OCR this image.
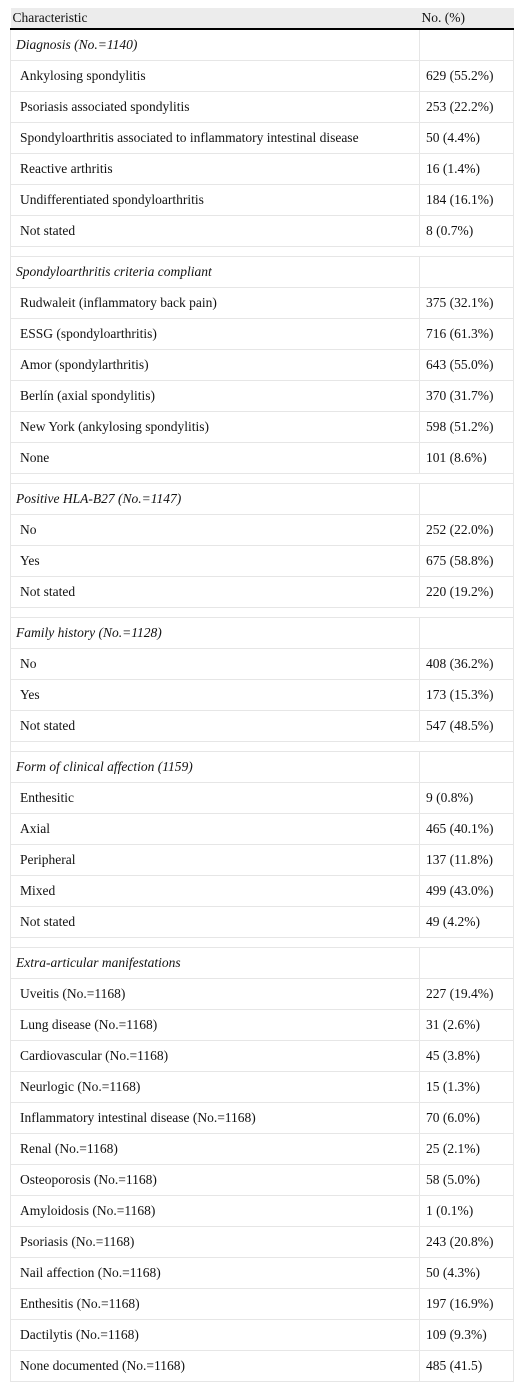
Characteristic	No. (%)
Diagnosis (No.=1140)	
Ankylosing spondylitis	629 (55.2%)
Psoriasis associated spondylitis	253 (22.2%)
Spondyloarthritis associated to inflammatory intestinal disease	50 (4.4%)
Reactive arthritis	16 (1.4%)
Undifferentiated spondyloarthritis	184 (16.1%)
Not stated	8 (0.7%)

Spondyloarthritis criteria compliant	
Rudwaleit (inflammatory back pain)	375 (32.1%)
ESSG (spondyloarthritis)	716 (61.3%)
Amor (spondylarthritis)	643 (55.0%)
Berlín (axial spondylitis)	370 (31.7%)
New York (ankylosing spondylitis)	598 (51.2%)
None	101 (8.6%)

Positive HLA-B27 (No.=1147)	
No	252 (22.0%)
Yes	675 (58.8%)
Not stated	220 (19.2%)

Family history (No.=1128)	
No	408 (36.2%)
Yes	173 (15.3%)
Not stated	547 (48.5%)

Form of clinical affection (1159)	
Enthesitic	9 (0.8%)
Axial	465 (40.1%)
Peripheral	137 (11.8%)
Mixed	499 (43.0%)
Not stated	49 (4.2%)

Extra-articular manifestations	
Uveitis (No.=1168)	227 (19.4%)
Lung disease (No.=1168)	31 (2.6%)
Cardiovascular (No.=1168)	45 (3.8%)
Neurlogic (No.=1168)	15 (1.3%)
Inflammatory intestinal disease (No.=1168)	70 (6.0%)
Renal (No.=1168)	25 (2.1%)
Osteoporosis (No.=1168)	58 (5.0%)
Amyloidosis (No.=1168)	1 (0.1%)
Psoriasis (No.=1168)	243 (20.8%)
Nail affection (No.=1168)	50 (4.3%)
Enthesitis (No.=1168)	197 (16.9%)
Dactilytis (No.=1168)	109 (9.3%)
None documented (No.=1168)	485 (41.5)
